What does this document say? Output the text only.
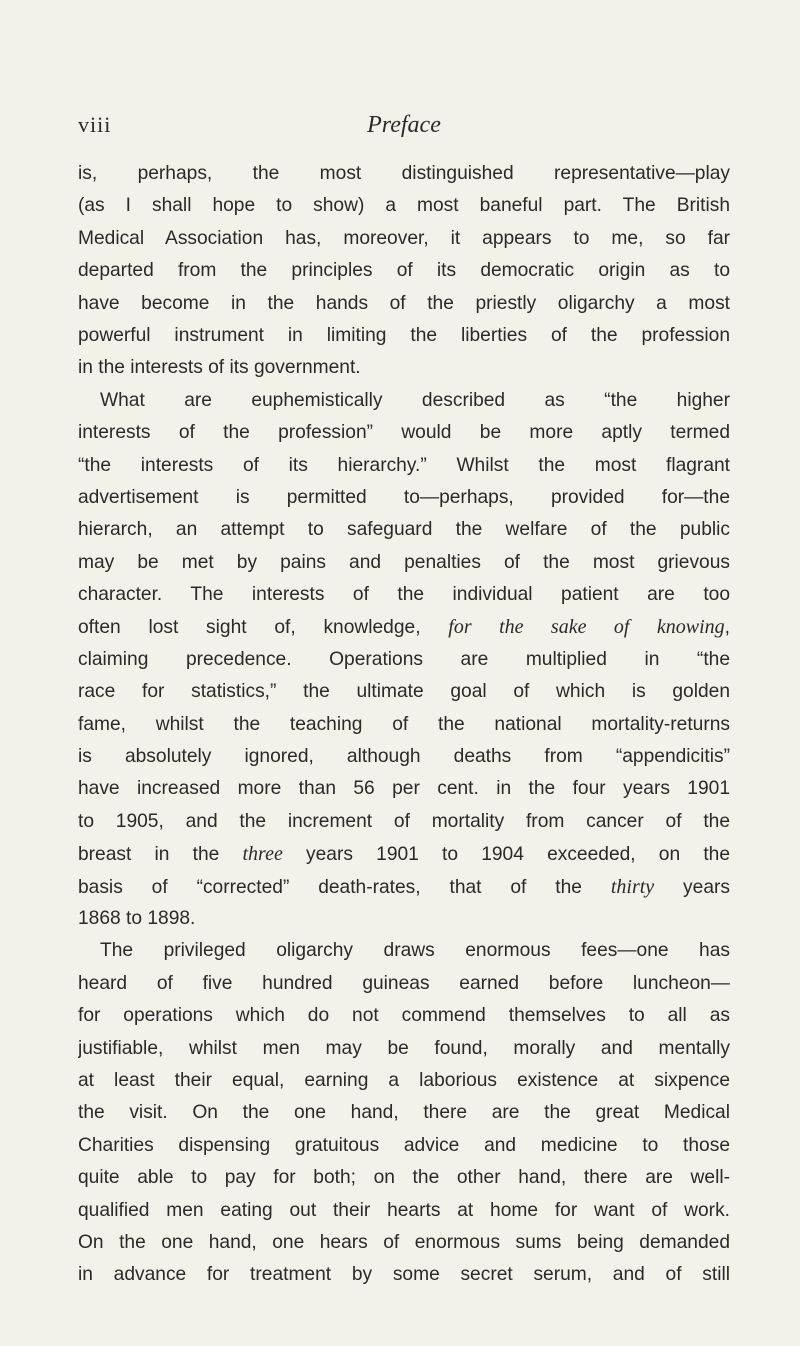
viii	Preface
is, perhaps, the most distinguished representative—play
(as I shall hope to show) a most baneful part. The British
Medical Association has, moreover, it appears to me, so far
departed from the principles of its democratic origin as to
have become in the hands of the priestly oligarchy a most
powerful instrument in limiting the liberties of the profession
in the interests of its government.
What are euphemistically described as “the higher
interests of the profession” would be more aptly termed
“the interests of its hierarchy.” Whilst the most flagrant
advertisement is permitted to—perhaps, provided for—the
hierarch, an attempt to safeguard the welfare of the public
may be met by pains and penalties of the most grievous
character. The interests of the individual patient are too
often lost sight of, knowledge, for the sake of knowing,
claiming precedence. Operations are multiplied in “the
race for statistics,” the ultimate goal of which is golden
fame, whilst the teaching of the national mortality-returns
is absolutely ignored, although deaths from “appendicitis”
have increased more than 56 per cent. in the four years 1901
to 1905, and the increment of mortality from cancer of the
breast in the three years 1901 to 1904 exceeded, on the
basis of “corrected” death-rates, that of the thirty years
1868 to 1898.
The privileged oligarchy draws enormous fees—one has
heard of five hundred guineas earned before luncheon—
for operations which do not commend themselves to all as
justifiable, whilst men may be found, morally and mentally
at least their equal, earning a laborious existence at sixpence
the visit. On the one hand, there are the great Medical
Charities dispensing gratuitous advice and medicine to those
quite able to pay for both; on the other hand, there are well-
qualified men eating out their hearts at home for want of work.
On the one hand, one hears of enormous sums being demanded
in advance for treatment by some secret serum, and of still
